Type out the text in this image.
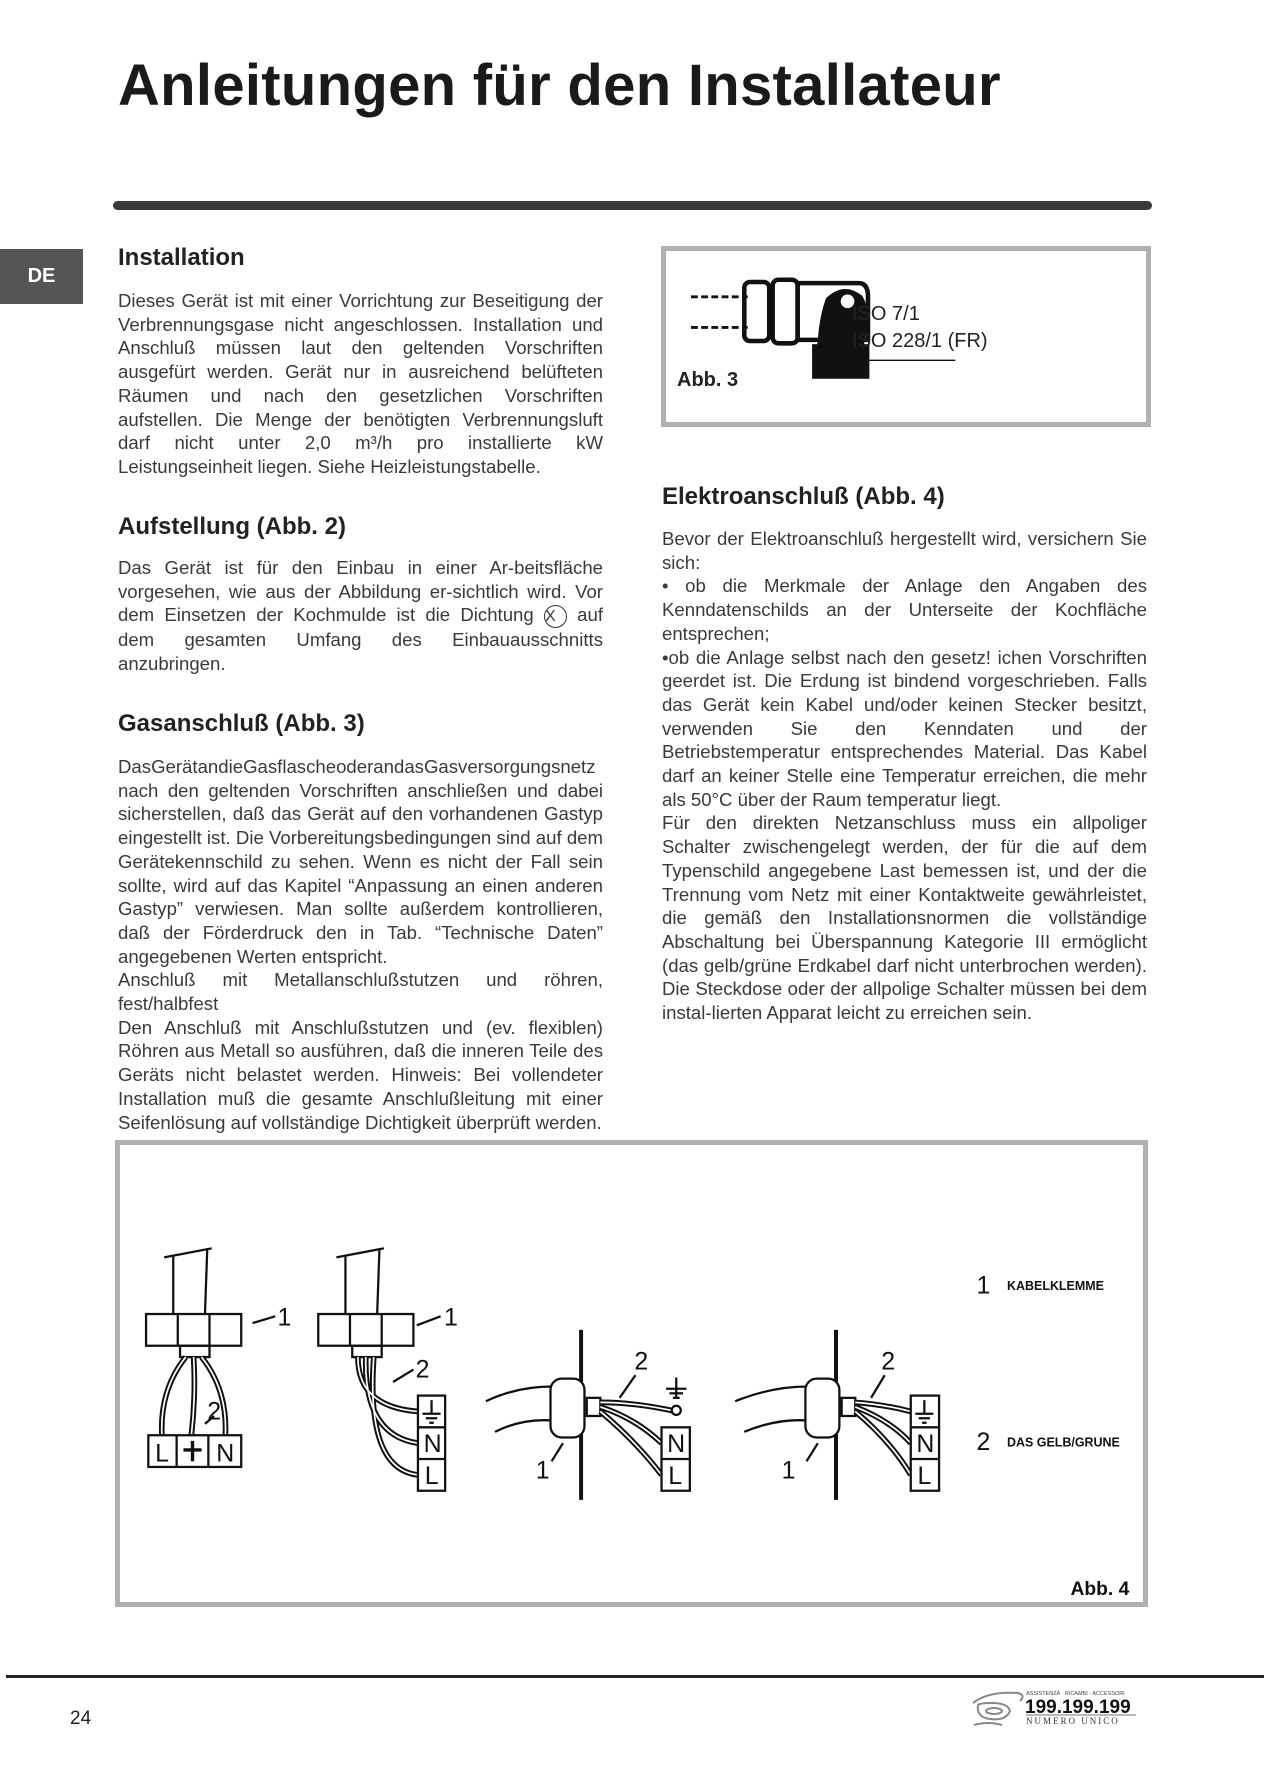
Anleitungen für den Installateur
DE
Installation

Dieses Gerät ist mit einer Vorrichtung zur Beseitigung der Verbrennungsgase nicht angeschlossen. Installation und Anschluß müssen laut den geltenden Vorschriften ausgefürt werden. Gerät nur in ausreichend belüfteten Räumen und nach den gesetzlichen Vorschriften aufstellen. Die Menge der benötigten Verbrennungsluft darf nicht unter 2,0 m³/h pro installierte kW Leistungseinheit liegen. Siehe Heizleistungstabelle.

Aufstellung (Abb. 2)

Das Gerät ist für den Einbau in einer Ar-beitsfläche vorgesehen, wie aus der Abbildung er-sichtlich wird. Vor dem Einsetzen der Kochmulde ist die Dichtung X auf dem gesamten Umfang des Einbauausschnitts anzubringen.

Gasanschluß (Abb. 3)

DasGerätandieGasflascheoderandasGasversorgungsnetz nach den geltenden Vorschriften anschließen und dabei sicherstellen, daß das Gerät auf den vorhandenen Gastyp eingestellt ist. Die Vorbereitungsbedingungen sind auf dem Gerätekennschild zu sehen. Wenn es nicht der Fall sein sollte, wird auf das Kapitel “Anpassung an einen anderen Gastyp” verwiesen. Man sollte außerdem kontrollieren, daß der Förderdruck den in Tab. “Technische Daten” angegebenen Werten entspricht.

Anschluß mit Metallanschlußstutzen und röhren, fest/halbfest

Den Anschluß mit Anschlußstutzen und (ev. flexiblen) Röhren aus Metall so ausführen, daß die inneren Teile des Geräts nicht belastet werden. Hinweis: Bei vollendeter Installation muß die gesamte Anschlußleitung mit einer Seifenlösung auf vollständige Dichtigkeit überprüft werden.

ISO 7/1
ISO 228/1 (FR)
Abb. 3
Elektroanschluß (Abb. 4)

Bevor der Elektroanschluß hergestellt wird, versichern Sie sich:

• ob die Merkmale der Anlage den Angaben des Kenndatenschilds an der Unterseite der Kochfläche entsprechen;

•ob die Anlage selbst nach den gesetz! ichen Vorschriften geerdet ist. Die Erdung ist bindend vorgeschrieben. Falls das Gerät kein Kabel und/oder keinen Stecker besitzt, verwenden Sie den Kenndaten und der Betriebstemperatur entsprechendes Material. Das Kabel darf an keiner Stelle eine Temperatur erreichen, die mehr als 50°C über der Raum temperatur liegt.

Für den direkten Netzanschluss muss ein allpoliger Schalter zwischengelegt werden, der für die auf dem Typenschild angegebene Last bemessen ist, und der die Trennung vom Netz mit einer Kontaktweite gewährleistet, die gemäß den Installationsnormen die vollständige Abschaltung bei Überspannung Kategorie III ermöglicht (das gelb/grüne Erdkabel darf nicht unterbrochen werden). Die Steckdose oder der allpolige Schalter müssen bei dem instal-lierten Apparat leicht zu erreichen sein.

L N
1
2
N
L
1
2
N
L
1
2
N
L
1
2
1 KABELKLEMME
2 DAS GELB/GRUNE
Abb. 4
24
ASSISTENZA · RICAMBI · ACCESSORI
199.199.199
NUMERO UNICO
